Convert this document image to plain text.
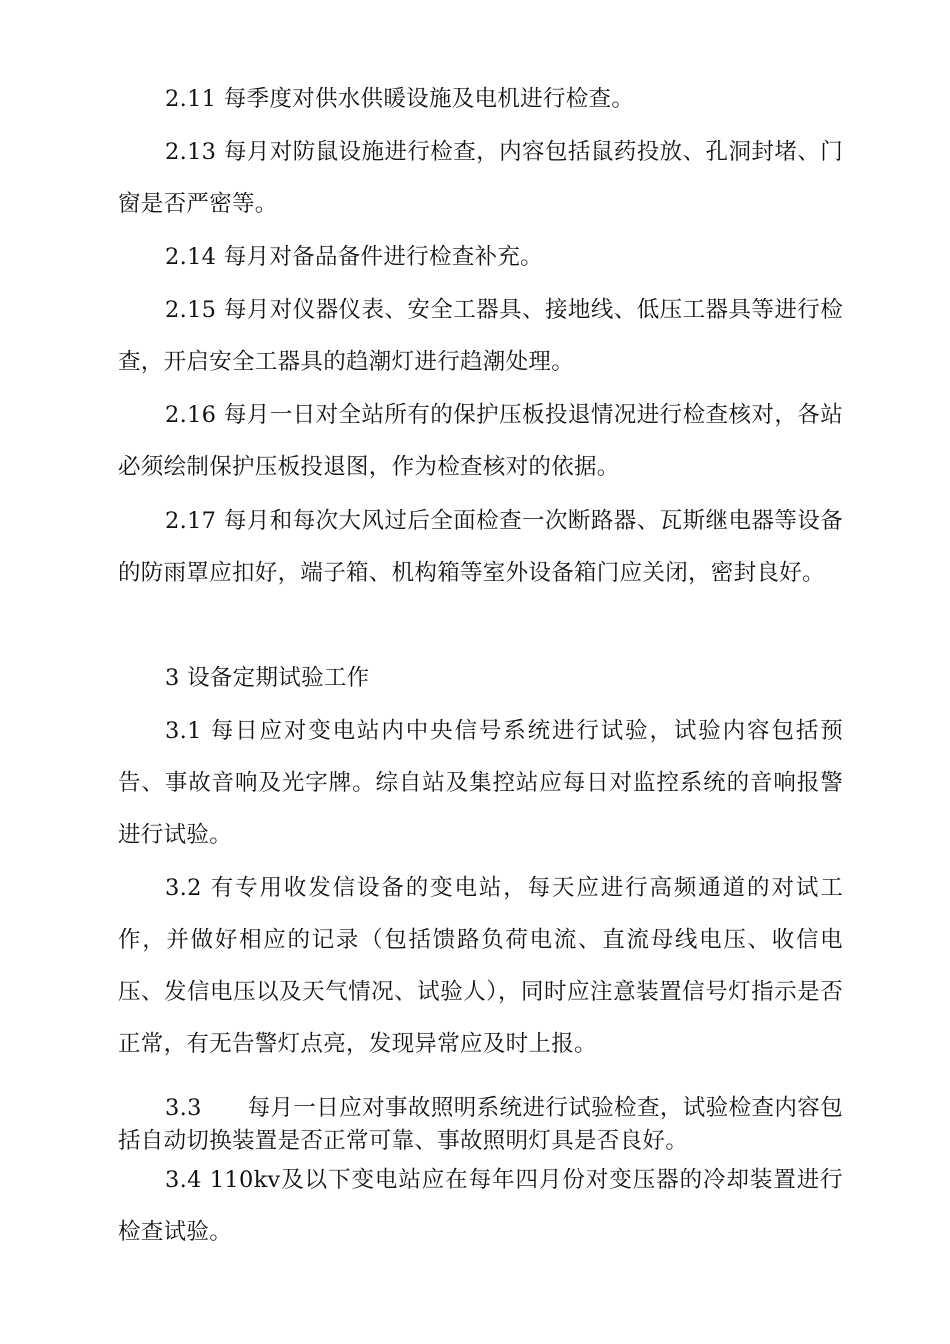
2.11 每季度对供水供暖设施及电机进行检查。

2.13 每月对防鼠设施进行检查，内容包括鼠药投放、孔洞封堵、门窗是否严密等。

2.14 每月对备品备件进行检查补充。

2.15 每月对仪器仪表、安全工器具、接地线、低压工器具等进行检查，开启安全工器具的趋潮灯进行趋潮处理。

2.16 每月一日对全站所有的保护压板投退情况进行检查核对，各站必须绘制保护压板投退图，作为检查核对的依据。

2.17 每月和每次大风过后全面检查一次断路器、瓦斯继电器等设备的防雨罩应扣好，端子箱、机构箱等室外设备箱门应关闭，密封良好。

3 设备定期试验工作

3.1 每日应对变电站内中央信号系统进行试验，试验内容包括预告、事故音响及光字牌。综自站及集控站应每日对监控系统的音响报警进行试验。

3.2 有专用收发信设备的变电站，每天应进行高频通道的对试工作，并做好相应的记录（包括馈路负荷电流、直流母线电压、收信电压、发信电压以及天气情况、试验人），同时应注意装置信号灯指示是否正常，有无告警灯点亮，发现异常应及时上报。

3.3　　每月一日应对事故照明系统进行试验检查，试验检查内容包括自动切换装置是否正常可靠、事故照明灯具是否良好。

3.4 110kv及以下变电站应在每年四月份对变压器的冷却装置进行检查试验。
